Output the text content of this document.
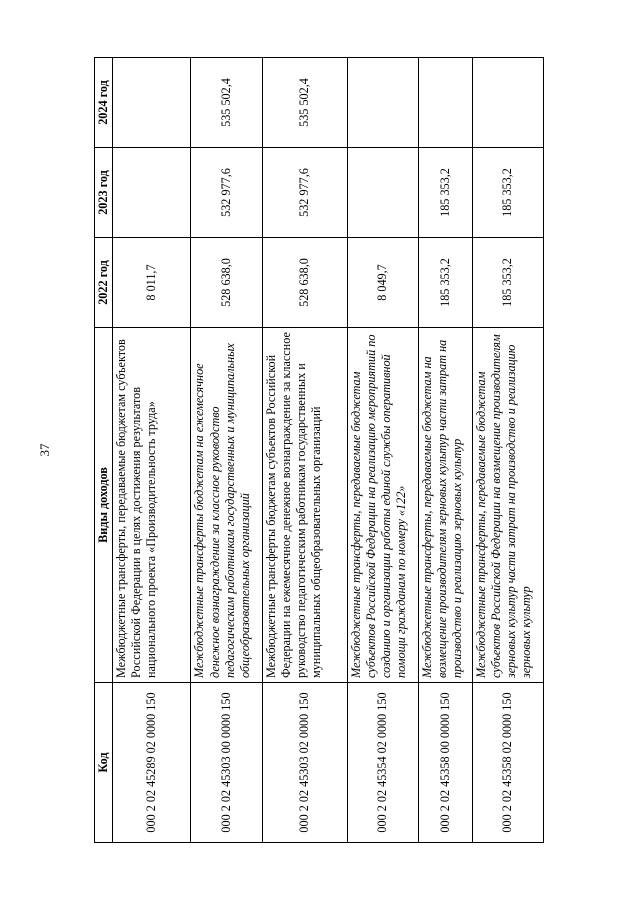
37
Код	Виды доходов	2022 год	2023 год	2024 год
000 2 02 45289 02 0000 150	Межбюджетные трансферты, передаваемые бюджетам субъектов Российской Федерации в целях достижения результатов национального проекта «Производительность труда»	8 011,7		
000 2 02 45303 00 0000 150	Межбюджетные трансферты бюджетам на ежемесячное денежное вознаграждение за классное руководство педагогическим работникам государственных и муниципальных общеобразовательных организаций	528 638,0	532 977,6	535 502,4
000 2 02 45303 02 0000 150	Межбюджетные трансферты бюджетам субъектов Российской Федерации на ежемесячное денежное вознаграждение за классное руководство педагогическим работникам государственных и муниципальных общеобразовательных организаций	528 638,0	532 977,6	535 502,4
000 2 02 45354 02 0000 150	Межбюджетные трансферты, передаваемые бюджетам субъектов Российской Федерации на реализацию мероприятий по созданию и организации работы единой службы оперативной помощи гражданам по номеру «122»	8 049,7		
000 2 02 45358 00 0000 150	Межбюджетные трансферты, передаваемые бюджетам на возмещение производителям зерновых культур части затрат на производство и реализацию зерновых культур	185 353,2	185 353,2	
000 2 02 45358 02 0000 150	Межбюджетные трансферты, передаваемые бюджетам субъектов Российской Федерации на возмещение производителям зерновых культур части затрат на производство и реализацию зерновых культур	185 353,2	185 353,2	
